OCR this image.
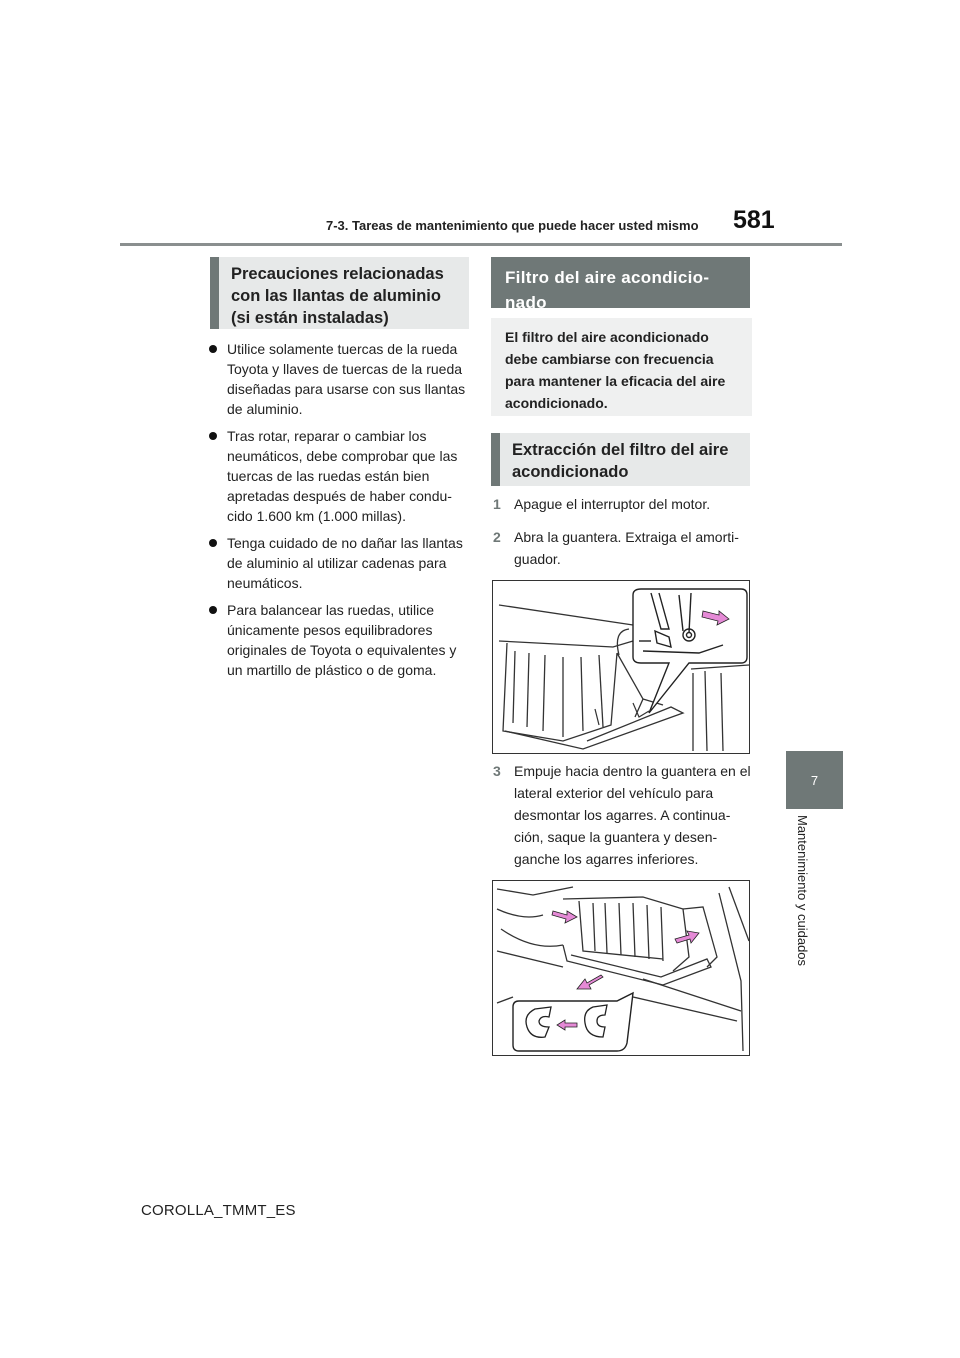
7-3. Tareas de mantenimiento que puede hacer usted mismo 581
7
Mantenimiento y cuidados
Precauciones relacionadas con las llantas de aluminio (si están instaladas)
Utilice solamente tuercas de la rueda Toyota y llaves de tuercas de la rueda diseñadas para usarse con sus llantas de aluminio.
Tras rotar, reparar o cambiar los neumáticos, debe comprobar que las tuercas de las ruedas están bien apretadas después de haber conducido 1.600 km (1.000 millas).
Tenga cuidado de no dañar las llantas de aluminio al utilizar cadenas para neumáticos.
Para balancear las ruedas, utilice únicamente pesos equilibradores originales de Toyota o equivalentes y un martillo de plástico o de goma.
Filtro del aire acondicionado
El filtro del aire acondicionado debe cambiarse con frecuencia para mantener la eficacia del aire acondicionado.
Extracción del filtro del aire acondicionado
1 Apague el interruptor del motor.
2 Abra la guantera. Extraiga el amortiguador.
3 Empuje hacia dentro la guantera en el lateral exterior del vehículo para desmontar los agarres. A continuación, saque la guantera y desenganche los agarres inferiores.
COROLLA_TMMT_ES
